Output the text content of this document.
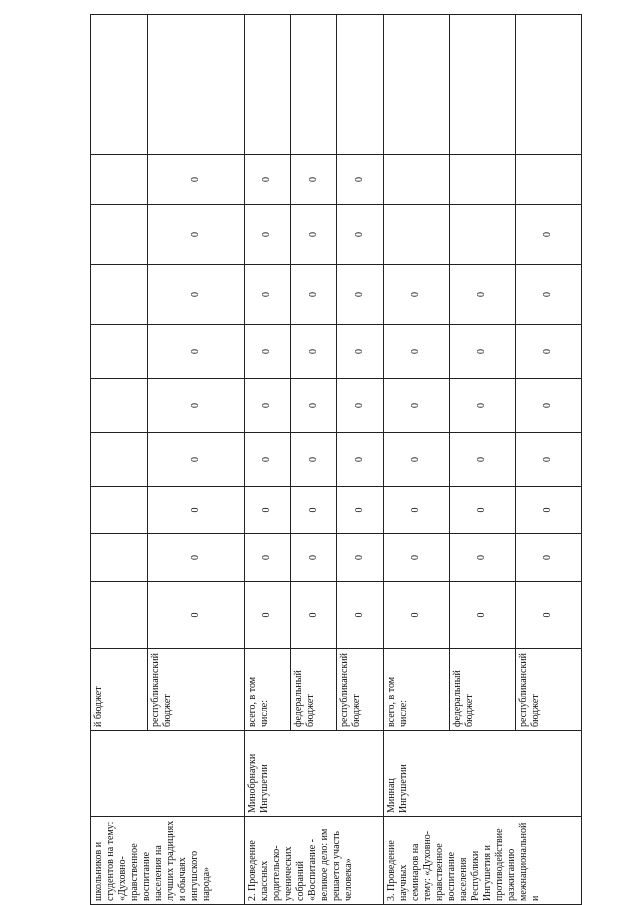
школьников и студентов на тему: «Духовно-нравственное воспитание населения на лучших традициях и обычаях ингушского народа»		й бюджет										
		республиканский бюджет	0	0	0	0	0	0	0	0	0	
2. Проведение классных родительско-ученических собраний «Воспитание - великое дело: им решается участь человека»	Минобрнауки Ингушетии	всего, в том числе:	0	0	0	0	0	0	0	0	0	
		федеральный бюджет	0	0	0	0	0	0	0	0	0	
		республиканский бюджет	0	0	0	0	0	0	0	0	0	
3. Проведение научных семинаров на тему: «Духовно-нравственное воспитание населения Республики Ингушетия и противодействие разжиганию межнациональной и	Миннац Ингушетии	всего, в том числе:	0	0	0	0	0	0	0			
		федеральный бюджет	0	0	0	0	0	0	0			
		республиканский бюджет	0	0	0	0	0	0	0	0		
